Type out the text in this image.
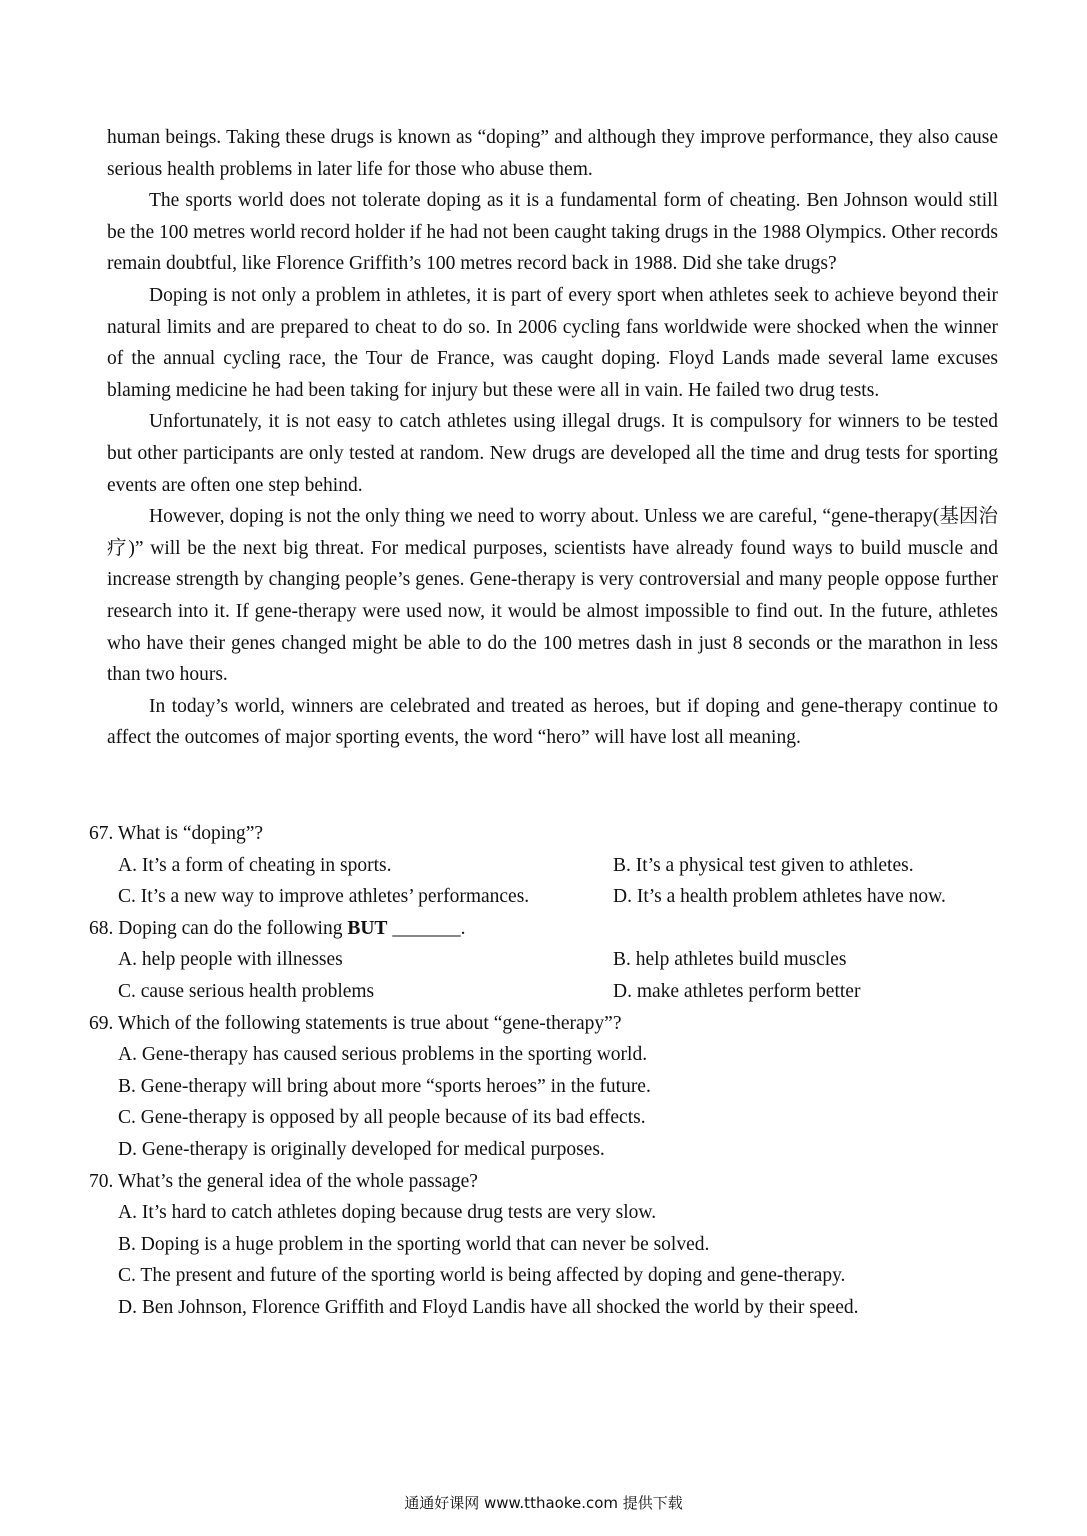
human beings. Taking these drugs is known as “doping” and although they improve performance, they also cause serious health problems in later life for those who abuse them.

The sports world does not tolerate doping as it is a fundamental form of cheating. Ben Johnson would still be the 100 metres world record holder if he had not been caught taking drugs in the 1988 Olympics. Other records remain doubtful, like Florence Griffith’s 100 metres record back in 1988. Did she take drugs?

Doping is not only a problem in athletes, it is part of every sport when athletes seek to achieve beyond their natural limits and are prepared to cheat to do so. In 2006 cycling fans worldwide were shocked when the winner of the annual cycling race, the Tour de France, was caught doping. Floyd Lands made several lame excuses blaming medicine he had been taking for injury but these were all in vain. He failed two drug tests.

Unfortunately, it is not easy to catch athletes using illegal drugs. It is compulsory for winners to be tested but other participants are only tested at random. New drugs are developed all the time and drug tests for sporting events are often one step behind.

However, doping is not the only thing we need to worry about. Unless we are careful, “gene-therapy(基因治疗)” will be the next big threat. For medical purposes, scientists have already found ways to build muscle and increase strength by changing people’s genes. Gene-therapy is very controversial and many people oppose further research into it. If gene-therapy were used now, it would be almost impossible to find out. In the future, athletes who have their genes changed might be able to do the 100 metres dash in just 8 seconds or the marathon in less than two hours.

In today’s world, winners are celebrated and treated as heroes, but if doping and gene-therapy continue to affect the outcomes of major sporting events, the word “hero” will have lost all meaning.

67. What is “doping”?

A. It’s a form of cheating in sports.	B. It’s a physical test given to athletes.
C. It’s a new way to improve athletes’ performances.	D. It’s a health problem athletes have now.

68. Doping can do the following BUT _______.

A. help people with illnesses	B. help athletes build muscles
C. cause serious health problems	D. make athletes perform better

69. Which of the following statements is true about “gene-therapy”?

A. Gene-therapy has caused serious problems in the sporting world.
B. Gene-therapy will bring about more “sports heroes” in the future.
C. Gene-therapy is opposed by all people because of its bad effects.
D. Gene-therapy is originally developed for medical purposes.

70. What’s the general idea of the whole passage?

A. It’s hard to catch athletes doping because drug tests are very slow.
B. Doping is a huge problem in the sporting world that can never be solved.
C. The present and future of the sporting world is being affected by doping and gene-therapy.
D. Ben Johnson, Florence Griffith and Floyd Landis have all shocked the world by their speed.
通通好课网 www.tthaoke.com 提供下载
